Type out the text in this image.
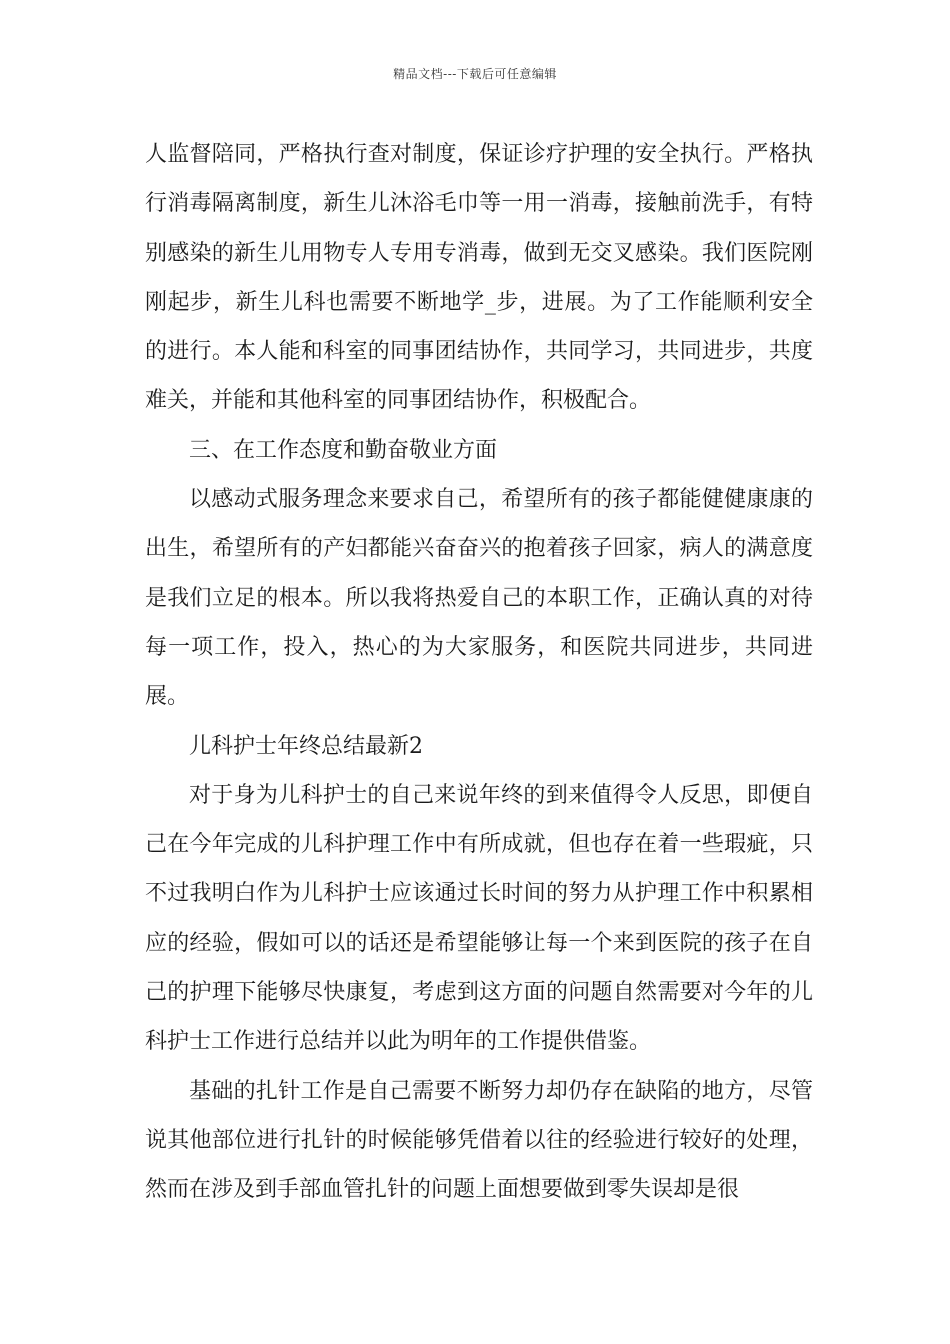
精品文档---下载后可任意编辑

人监督陪同，严格执行查对制度，保证诊疗护理的安全执行。严格执行消毒隔离制度，新生儿沐浴毛巾等一用一消毒，接触前洗手，有特别感染的新生儿用物专人专用专消毒，做到无交叉感染。我们医院刚刚起步，新生儿科也需要不断地学_步，进展。为了工作能顺利安全的进行。本人能和科室的同事团结协作，共同学习，共同进步，共度难关，并能和其他科室的同事团结协作，积极配合。

三、在工作态度和勤奋敬业方面

以感动式服务理念来要求自己，希望所有的孩子都能健健康康的出生，希望所有的产妇都能兴奋奋兴的抱着孩子回家，病人的满意度是我们立足的根本。所以我将热爱自己的本职工作，正确认真的对待每一项工作，投入，热心的为大家服务，和医院共同进步，共同进展。

儿科护士年终总结最新2

对于身为儿科护士的自己来说年终的到来值得令人反思，即便自己在今年完成的儿科护理工作中有所成就，但也存在着一些瑕疵，只不过我明白作为儿科护士应该通过长时间的努力从护理工作中积累相应的经验，假如可以的话还是希望能够让每一个来到医院的孩子在自己的护理下能够尽快康复，考虑到这方面的问题自然需要对今年的儿科护士工作进行总结并以此为明年的工作提供借鉴。

基础的扎针工作是自己需要不断努力却仍存在缺陷的地方，尽管说其他部位进行扎针的时候能够凭借着以往的经验进行较好的处理，然而在涉及到手部血管扎针的问题上面想要做到零失误却是很
